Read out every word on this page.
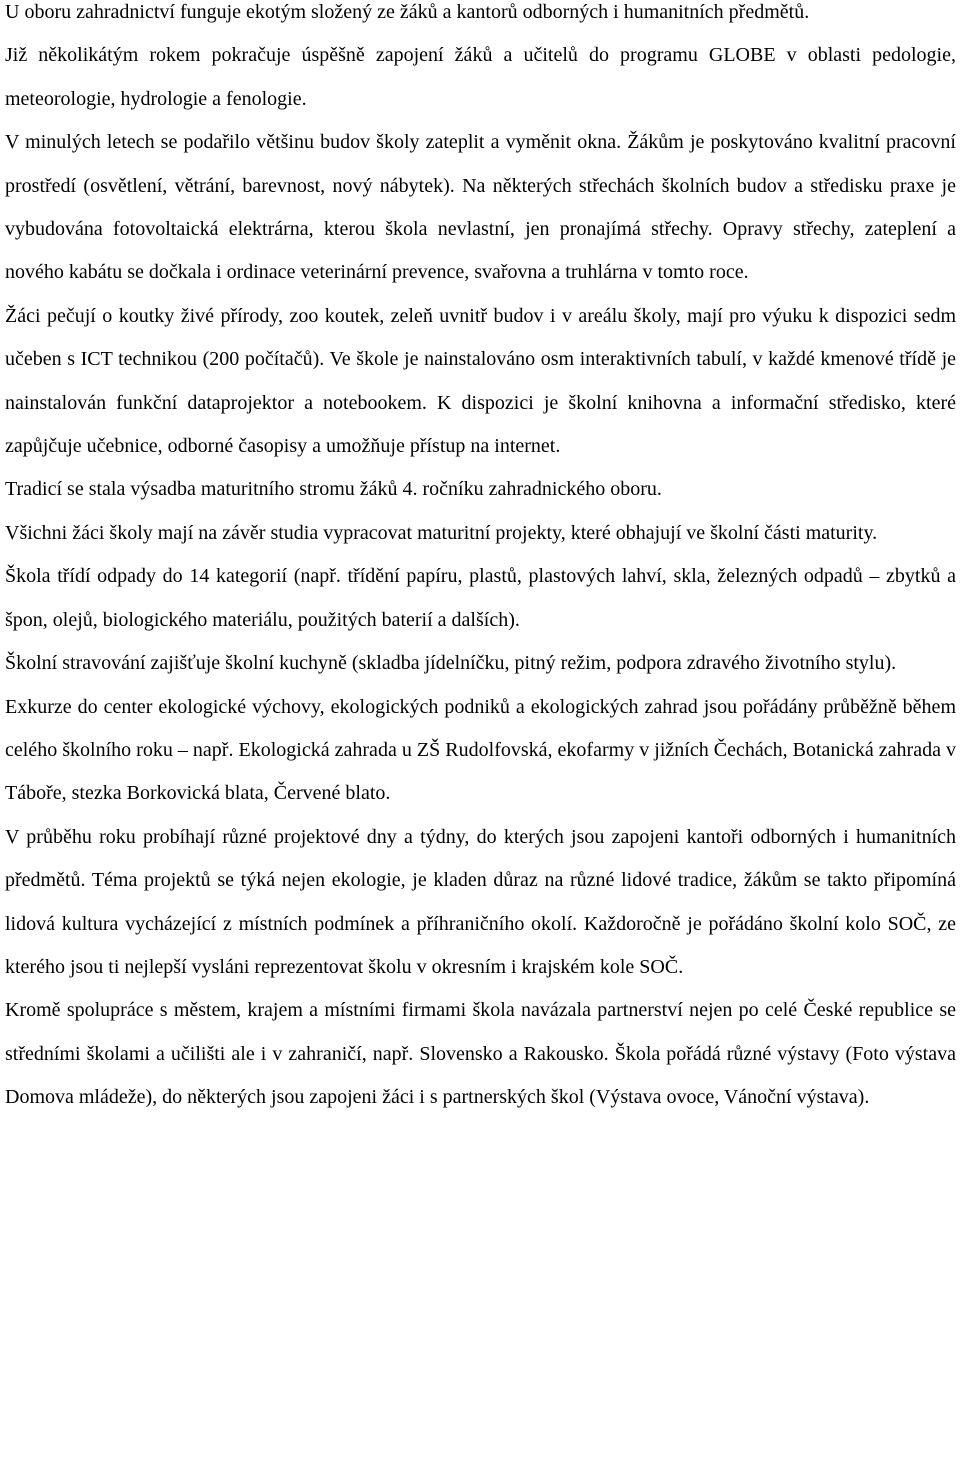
U oboru zahradnictví funguje ekotým složený ze žáků a kantorů odborných i humanitních předmětů.

Již několikátým rokem pokračuje úspěšně zapojení žáků a učitelů do programu GLOBE v oblasti pedologie, meteorologie, hydrologie a fenologie.

V minulých letech se podařilo většinu budov školy zateplit a vyměnit okna. Žákům je poskytováno kvalitní pracovní prostředí (osvětlení, větrání, barevnost, nový nábytek). Na některých střechách školních budov a středisku praxe je vybudována fotovoltaická elektrárna, kterou škola nevlastní, jen pronajímá střechy. Opravy střechy, zateplení a nového kabátu se dočkala i ordinace veterinární prevence, svařovna a truhlárna v tomto roce.

Žáci pečují o koutky živé přírody, zoo koutek, zeleň uvnitř budov i v areálu školy, mají pro výuku k dispozici sedm učeben s ICT technikou (200 počítačů). Ve škole je nainstalováno osm interaktivních tabulí, v každé kmenové třídě je nainstalován funkční dataprojektor a notebookem. K dispozici je školní knihovna a informační středisko, které zapůjčuje učebnice, odborné časopisy a umožňuje přístup na internet.

Tradicí se stala výsadba maturitního stromu žáků 4. ročníku zahradnického oboru.

Všichni žáci školy mají na závěr studia vypracovat maturitní projekty, které obhajují ve školní části maturity.

Škola třídí odpady do 14 kategorií (např. třídění papíru, plastů, plastových lahví, skla, železných odpadů – zbytků a špon, olejů, biologického materiálu, použitých baterií a dalších).

Školní stravování zajišťuje školní kuchyně (skladba jídelníčku, pitný režim, podpora zdravého životního stylu).

Exkurze do center ekologické výchovy, ekologických podniků a ekologických zahrad jsou pořádány průběžně během celého školního roku – např. Ekologická zahrada u ZŠ Rudolfovská, ekofarmy v jižních Čechách, Botanická zahrada v Táboře, stezka Borkovická blata, Červené blato.

V průběhu roku probíhají různé projektové dny a týdny, do kterých jsou zapojeni kantoři odborných i humanitních předmětů. Téma projektů se týká nejen ekologie, je kladen důraz na různé lidové tradice, žákům se takto připomíná lidová kultura vycházející z místních podmínek a příhraničního okolí. Každoročně je pořádáno školní kolo SOČ, ze kterého jsou ti nejlepší vysláni reprezentovat školu v okresním i krajském kole SOČ.

Kromě spolupráce s městem, krajem a místními firmami škola navázala partnerství nejen po celé České republice se středními školami a učilišti ale i v zahraničí, např. Slovensko a Rakousko. Škola pořádá různé výstavy (Foto výstava Domova mládeže), do některých jsou zapojeni žáci i s partnerských škol (Výstava ovoce, Vánoční výstava).
